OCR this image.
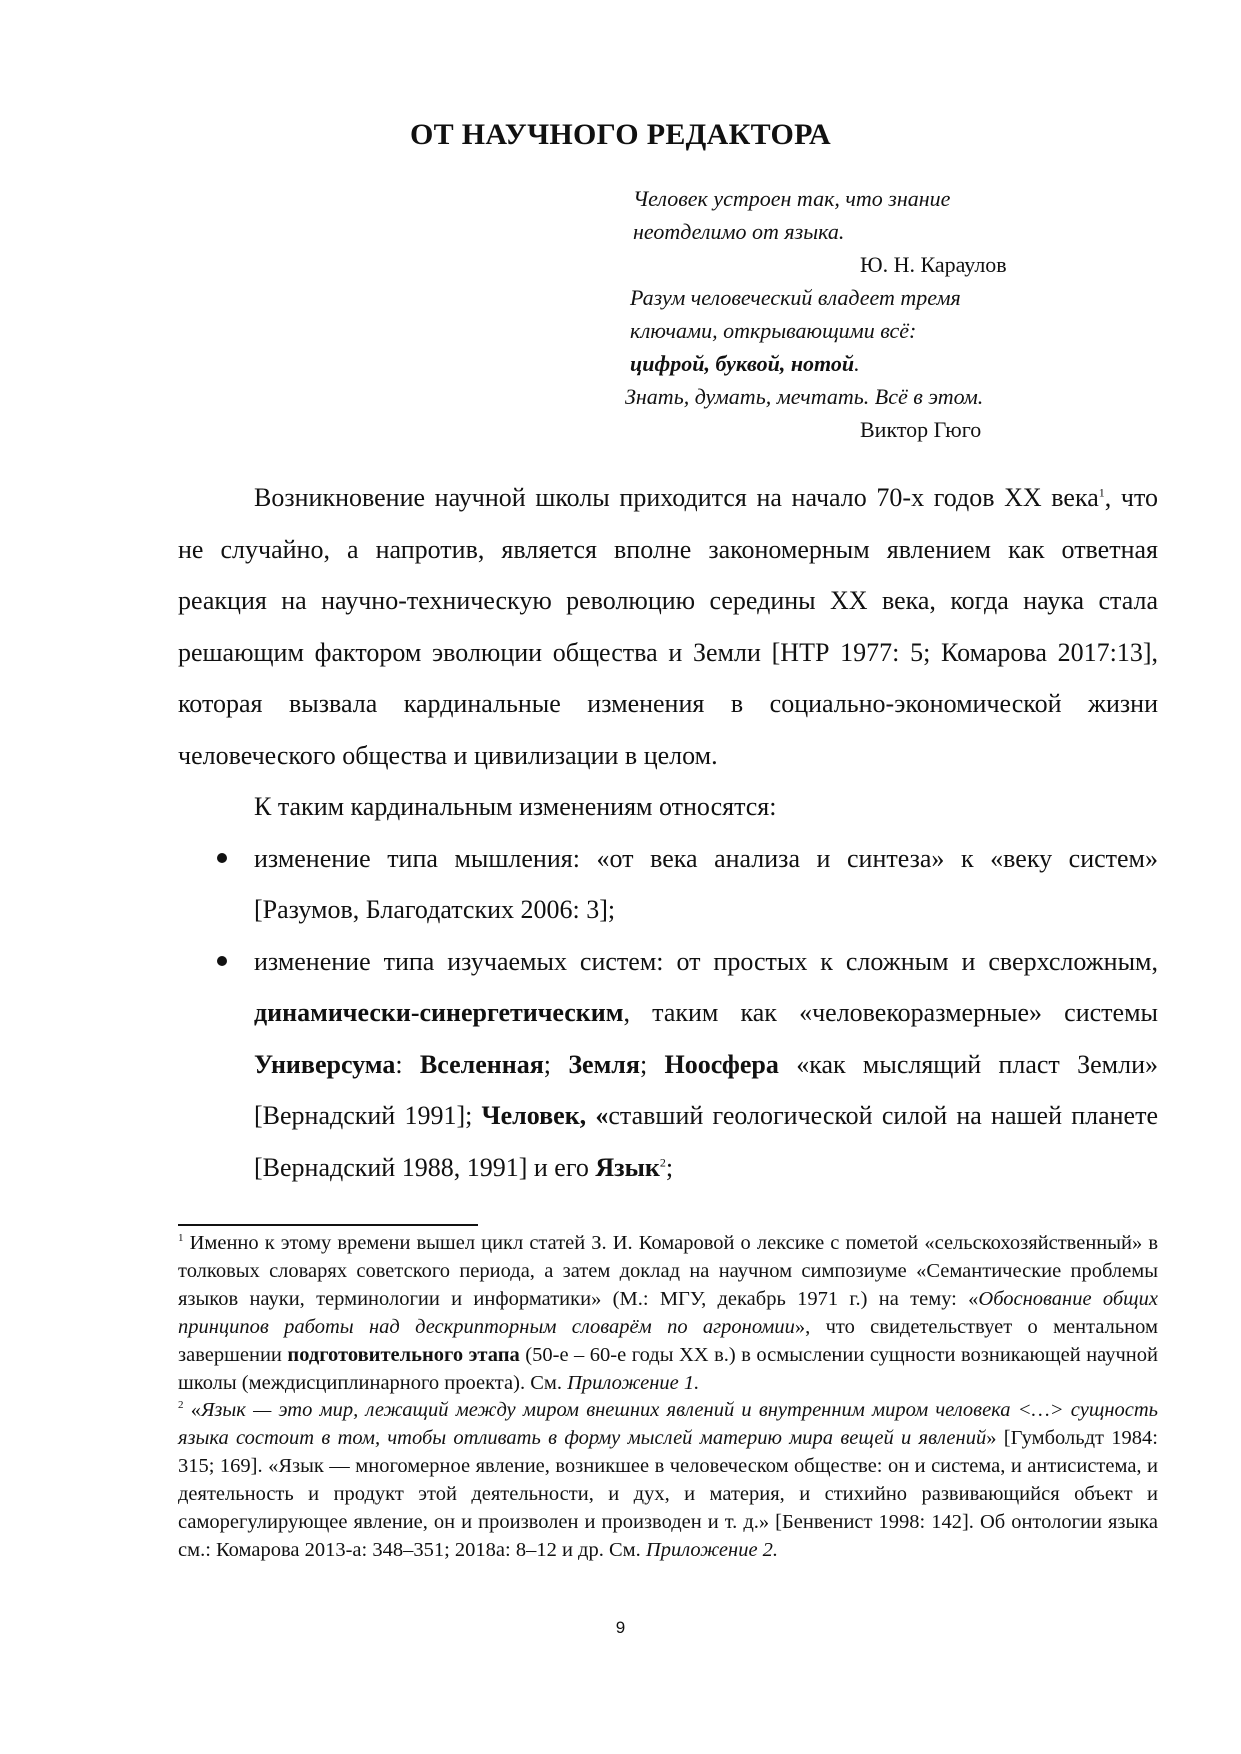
ОТ НАУЧНОГО РЕДАКТОРА
Человек устроен так, что знание
неотделимо от языка.
Ю. Н. Караулов
Разум человеческий владеет тремя
ключами, открывающими всё:
цифрой, буквой, нотой.
Знать, думать, мечтать. Всё в этом.
Виктор Гюго

Возникновение научной школы приходится на начало 70-х годов XX века$^1$, что не случайно, а напротив, является вполне закономерным явлением как ответная реакция на научно-техническую революцию середины XX века, когда наука стала решающим фактором эволюции общества и Земли [НТР 1977: 5; Комарова 2017:13], которая вызвала кардинальные изменения в социально-экономической жизни человеческого общества и цивилизации в целом.

К таким кардинальным изменениям относятся:

изменение типа мышления: «от века анализа и синтеза» к «веку систем» [Разумов, Благодатских 2006: 3];
изменение типа изучаемых систем: от простых к сложным и сверхсложным, динамически-синергетическим, таким как «человекоразмерные» системы Универсума: Вселенная; Земля; Ноосфера «как мыслящий пласт Земли» [Вернадский 1991]; Человек, «ставший геологической силой на нашей планете [Вернадский 1988, 1991] и его Язык$^2$;

$^1$ Именно к этому времени вышел цикл статей З. И. Комаровой о лексике с пометой «сельскохозяйственный» в толковых словарях советского периода, а затем доклад на научном симпозиуме «Семантические проблемы языков науки, терминологии и информатики» (М.: МГУ, декабрь 1971 г.) на тему: «Обоснование общих принципов работы над дескрипторным словарём по агрономии», что свидетельствует о ментальном завершении подготовительного этапа (50-е – 60-е годы XX в.) в осмыслении сущности возникающей научной школы (междисциплинарного проекта). См. Приложение 1.

$^2$ «Язык — это мир, лежащий между миром внешних явлений и внутренним миром человека <…> сущность языка состоит в том, чтобы отливать в форму мыслей материю мира вещей и явлений» [Гумбольдт 1984: 315; 169]. «Язык — многомерное явление, возникшее в человеческом обществе: он и система, и антисистема, и деятельность и продукт этой деятельности, и дух, и материя, и стихийно развивающийся объект и саморегулирующее явление, он и произволен и производен и т. д.» [Бенвенист 1998: 142]. Об онтологии языка см.: Комарова 2013-а: 348–351; 2018а: 8–12 и др. См. Приложение 2.

9
